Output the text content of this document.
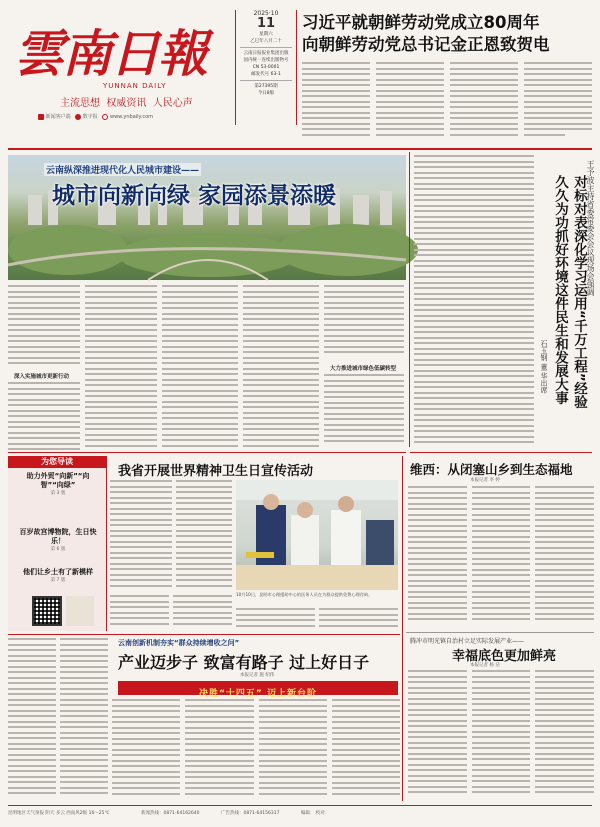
雲南日報
YUNNAN DAILY
主流思想  权威资讯  人民心声
新闻客户端 数字报 www.ynbaily.com
2025·10
11
星期六
乙巳年八月二十
云南日报报业集团出版
国内统一连续出版物号
CN 53-0001
邮发代号 63-1
第27395期
今日8版
习近平就朝鲜劳动党成立80周年
向朝鲜劳动党总书记金正恩致贺电
云南纵深推进现代化人民城市建设——
城市向新向绿 家园添景添暖
深入实施城市更新行动
大力推进城市绿色低碳转型
王予波主持省委常委会会议现场会强调
对标对表深化学习运用“千万工程”经验
久久为功抓好环境这件民生和发展大事
石玉钢 董 华出席
为您导读
助力外贸“向新”“向智”“向绿”
第 3 版
百岁故宫博物院，生日快乐！
第 6 版
他们让乡土有了新模样
第 7 版
我省开展世界精神卫生日宣传活动
10月10日，昆明市心理援助中心的医务人员在为群众提供免费心理咨询。
维西：从闭塞山乡到生态福地
本报记者 李 婷
腾冲市明光镇自治村立足实际发展产业——
幸福底色更加鲜亮
本报记者 杨 洁
云南创新机制夯实“群众持续增收之问”
产业迈步子 致富有路子 过上好日子
本报记者 施 绍伟
决胜“十四五” 迈上新台阶
昆明地区天气预报 阴天 多云 西南风2级 16～25℃	新闻热线：0871-64162640	广告热线：0871-64156317	编辑： 校对：
